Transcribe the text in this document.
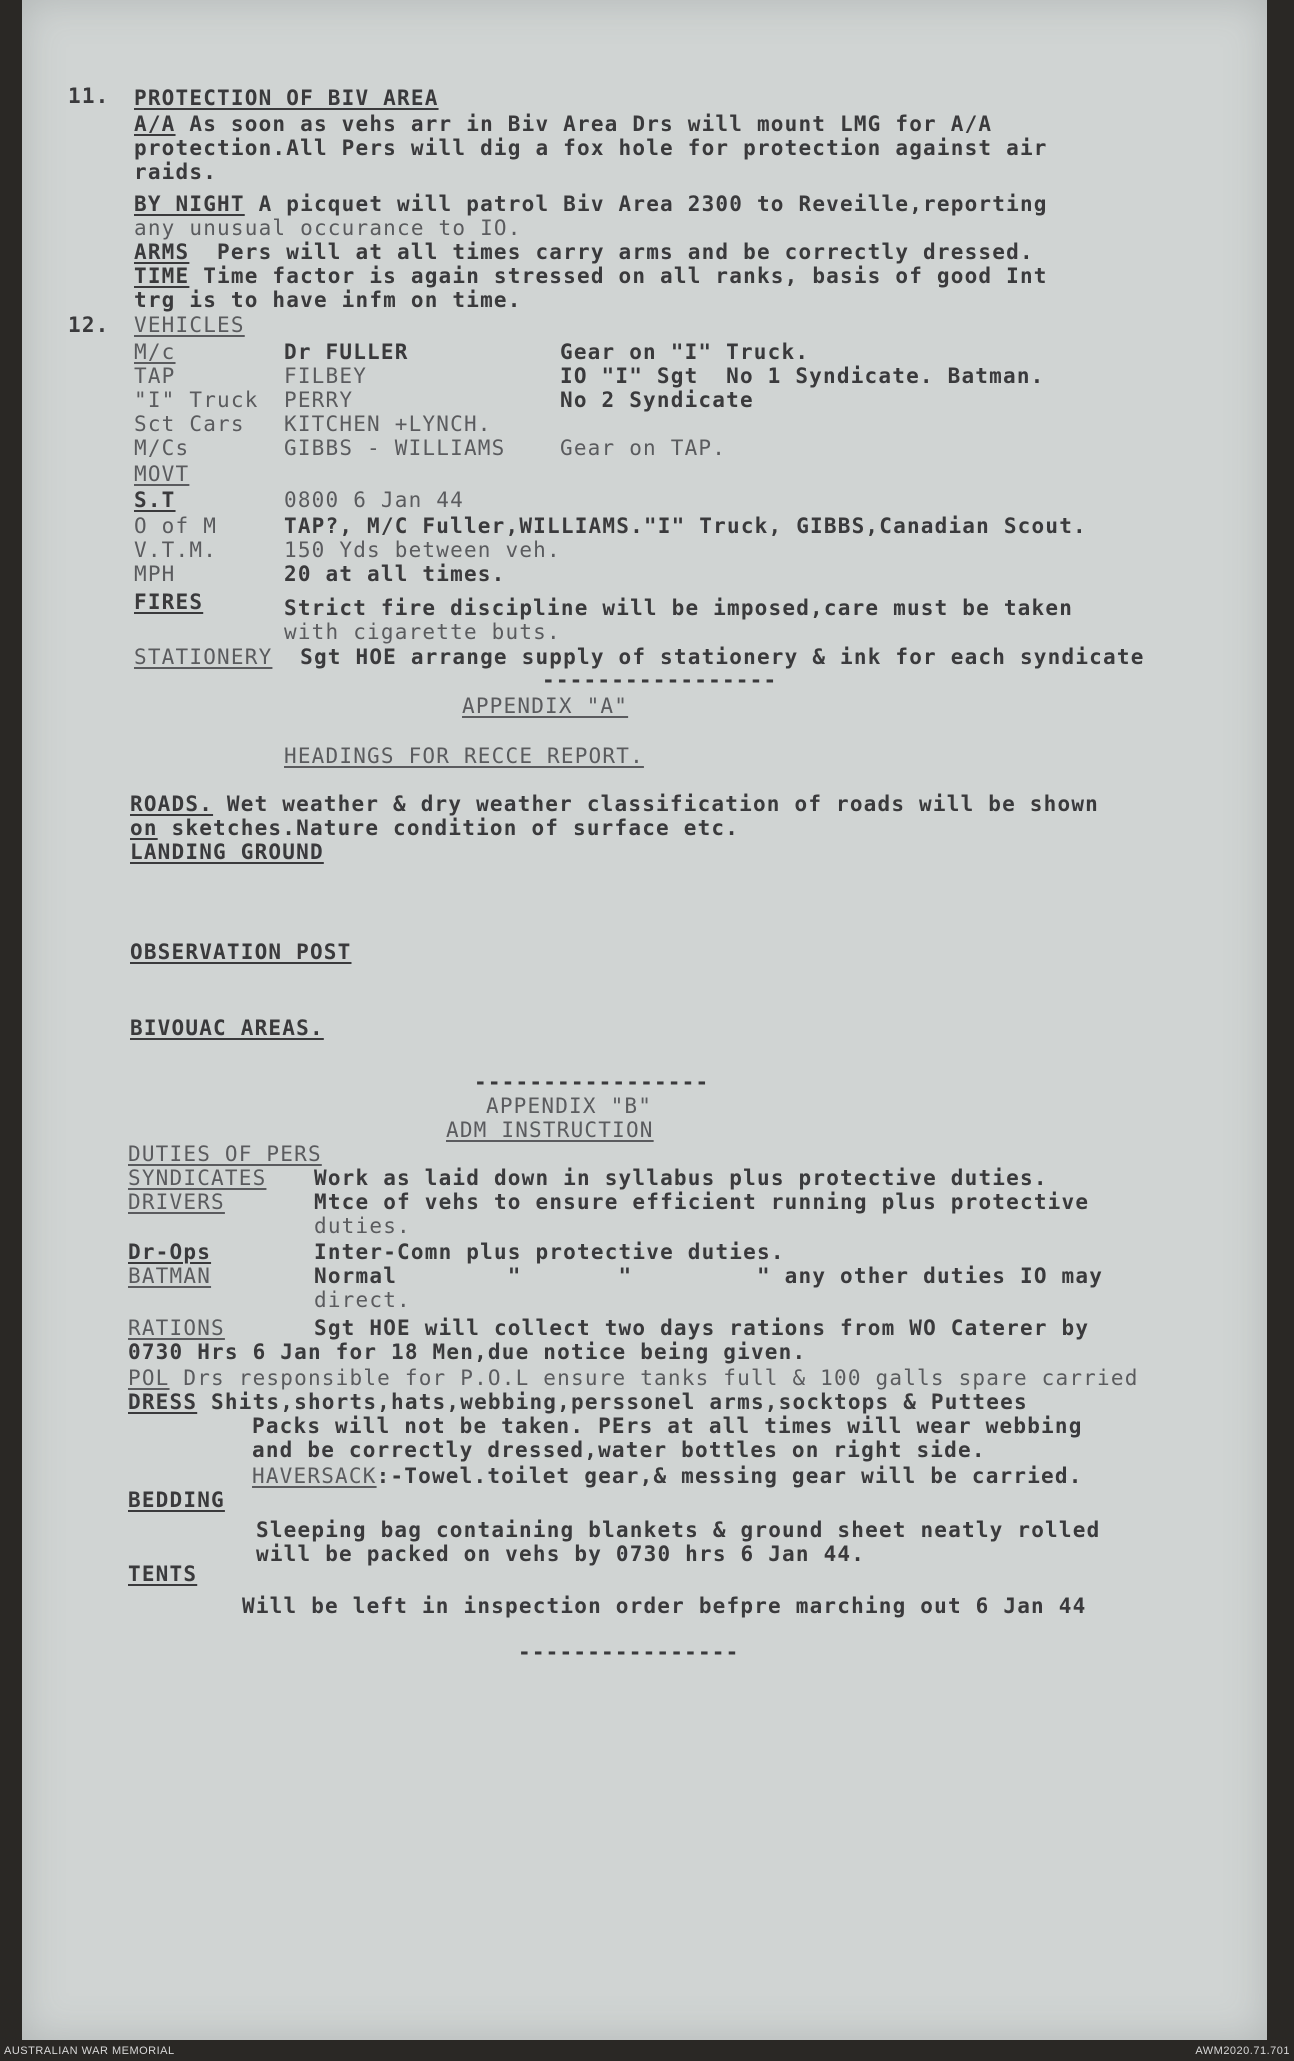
11. PROTECTION OF BIV AREA
A/A As soon as vehs arr in Biv Area Drs will mount LMG for A/A
protection.All Pers will dig a fox hole for protection against air
raids.
BY NIGHT A picquet will patrol Biv Area 2300 to Reveille,reporting
any unusual occurance to IO.
ARMS  Pers will at all times carry arms and be correctly dressed.
TIME Time factor is again stressed on all ranks, basis of good Int
trg is to have infm on time.
12. VEHICLES
M/c	Dr FULLER	Gear on "I" Truck.
TAP	FILBEY	IO "I" Sgt  No 1 Syndicate. Batman.
"I" Truck PERRY	No 2 Syndicate
Sct Cars KITCHEN +LYNCH.
M/Cs	GIBBS - WILLIAMS	Gear on TAP.
MOVT
S.T	0800 6 Jan 44
O of M	TAP?, M/C Fuller,WILLIAMS."I" Truck, GIBBS,Canadian Scout.
V.T.M.	150 Yds between veh.
MPH	20 at all times.
FIRES	Strict fire discipline will be imposed,care must be taken
with cigarette buts.
STATIONERY  Sgt HOE arrange supply of stationery & ink for each syndicate
-----------------
APPENDIX "A"
HEADINGS FOR RECCE REPORT.
ROADS. Wet weather & dry weather classification of roads will be shown
on sketches.Nature condition of surface etc.
LANDING GROUND
OBSERVATION POST
BIVOUAC AREAS.
-----------------
APPENDIX "B"
ADM INSTRUCTION
DUTIES OF PERS
SYNDICATES Work as laid down in syllabus plus protective duties.
DRIVERS	Mtce of vehs to ensure efficient running plus protective
duties.
Dr-Ops	Inter-Comn plus protective duties.
BATMAN	Normal        "       "         " any other duties IO may
direct.
RATIONS	Sgt HOE will collect two days rations from WO Caterer by
0730 Hrs 6 Jan for 18 Men,due notice being given.
POL Drs responsible for P.O.L ensure tanks full & 100 galls spare carried
DRESS Shits,shorts,hats,webbing,perssonel arms,socktops & Puttees
Packs will not be taken. PErs at all times will wear webbing
and be correctly dressed,water bottles on right side.
HAVERSACK:-Towel.toilet gear,& messing gear will be carried.
BEDDING
Sleeping bag containing blankets & ground sheet neatly rolled
will be packed on vehs by 0730 hrs 6 Jan 44.
TENTS
Will be left in inspection order befpre marching out 6 Jan 44
----------------
AUSTRALIAN WAR MEMORIAL	AWM2020.71.701
